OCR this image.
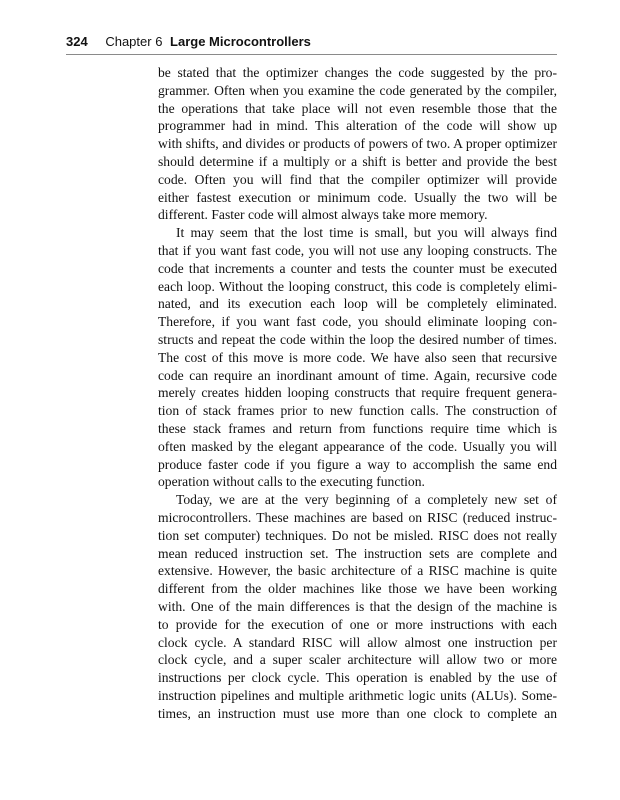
324 Chapter 6 Large Microcontrollers
be stated that the optimizer changes the code suggested by the pro-
grammer. Often when you examine the code generated by the compiler,
the operations that take place will not even resemble those that the
programmer had in mind. This alteration of the code will show up
with shifts, and divides or products of powers of two. A proper optimizer
should determine if a multiply or a shift is better and provide the best
code. Often you will find that the compiler optimizer will provide
either fastest execution or minimum code. Usually the two will be
different. Faster code will almost always take more memory.
It may seem that the lost time is small, but you will always find
that if you want fast code, you will not use any looping constructs. The
code that increments a counter and tests the counter must be executed
each loop. Without the looping construct, this code is completely elimi-
nated, and its execution each loop will be completely eliminated.
Therefore, if you want fast code, you should eliminate looping con-
structs and repeat the code within the loop the desired number of times.
The cost of this move is more code. We have also seen that recursive
code can require an inordinant amount of time. Again, recursive code
merely creates hidden looping constructs that require frequent genera-
tion of stack frames prior to new function calls. The construction of
these stack frames and return from functions require time which is
often masked by the elegant appearance of the code. Usually you will
produce faster code if you figure a way to accomplish the same end
operation without calls to the executing function.
Today, we are at the very beginning of a completely new set of
microcontrollers. These machines are based on RISC (reduced instruc-
tion set computer) techniques. Do not be misled. RISC does not really
mean reduced instruction set. The instruction sets are complete and
extensive. However, the basic architecture of a RISC machine is quite
different from the older machines like those we have been working
with. One of the main differences is that the design of the machine is
to provide for the execution of one or more instructions with each
clock cycle. A standard RISC will allow almost one instruction per
clock cycle, and a super scaler architecture will allow two or more
instructions per clock cycle. This operation is enabled by the use of
instruction pipelines and multiple arithmetic logic units (ALUs). Some-
times, an instruction must use more than one clock to complete an
